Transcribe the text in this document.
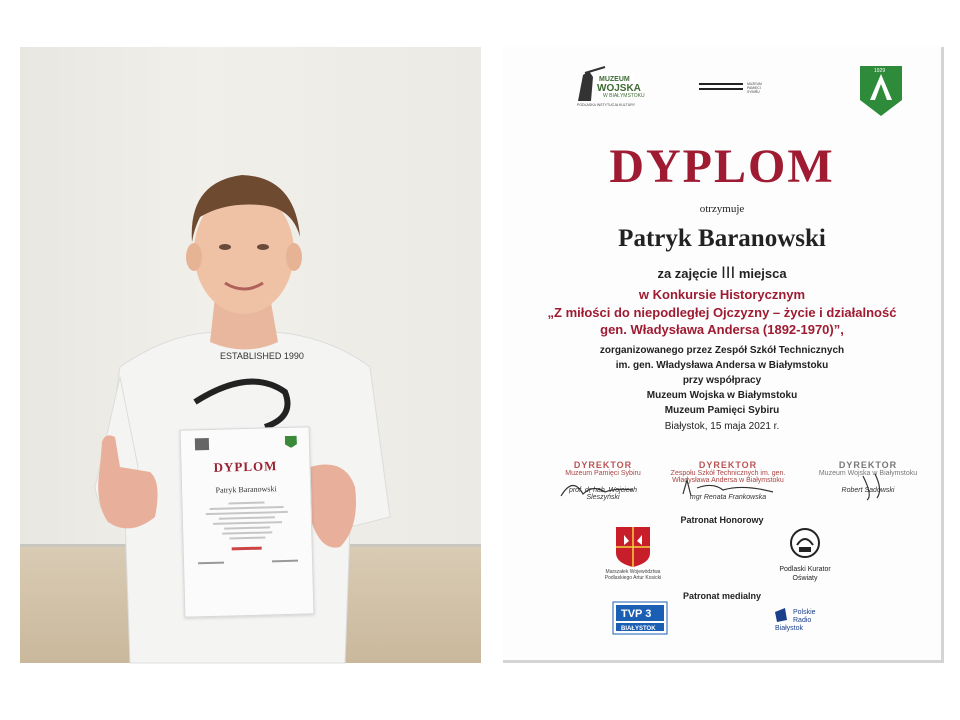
ESTABLISHED 1990
DYPLOM
Patryk Baranowski
MUZEUM
WOJSKA
W BIAŁYMSTOKU
PODLASKA INSTYTUCJA KULTURY
MUZEUM
PAMIĘCI
SYBIRU
1929
DYPLOM
otrzymuje
Patryk Baranowski
za zajęcie III miejsca
w Konkursie Historycznym
„Z miłości do niepodległej Ojczyzny – życie i działalność
gen. Władysława Andersa (1892-1970)”,
zorganizowanego przez Zespół Szkół Technicznych
im. gen. Władysława Andersa w Białymstoku
przy współpracy
Muzeum Wojska w Białymstoku
Muzeum Pamięci Sybiru
Białystok, 15 maja 2021 r.
DYREKTOR
Muzeum Pamięci Sybiru
prof. dr hab. Wojciech Śleszyński
DYREKTOR
Zespołu Szkół Technicznych im. gen. Władysława Andersa w Białymstoku
mgr Renata Frankowska
DYREKTOR
Muzeum Wojska w Białymstoku
Robert Sadowski
Patronat Honorowy
Marszałek Województwa Podlaskiego Artur Kosicki
Podlaski Kurator
Oświaty
Patronat medialny
TVP 3
BIAŁYSTOK
Polskie
Radio
Białystok
